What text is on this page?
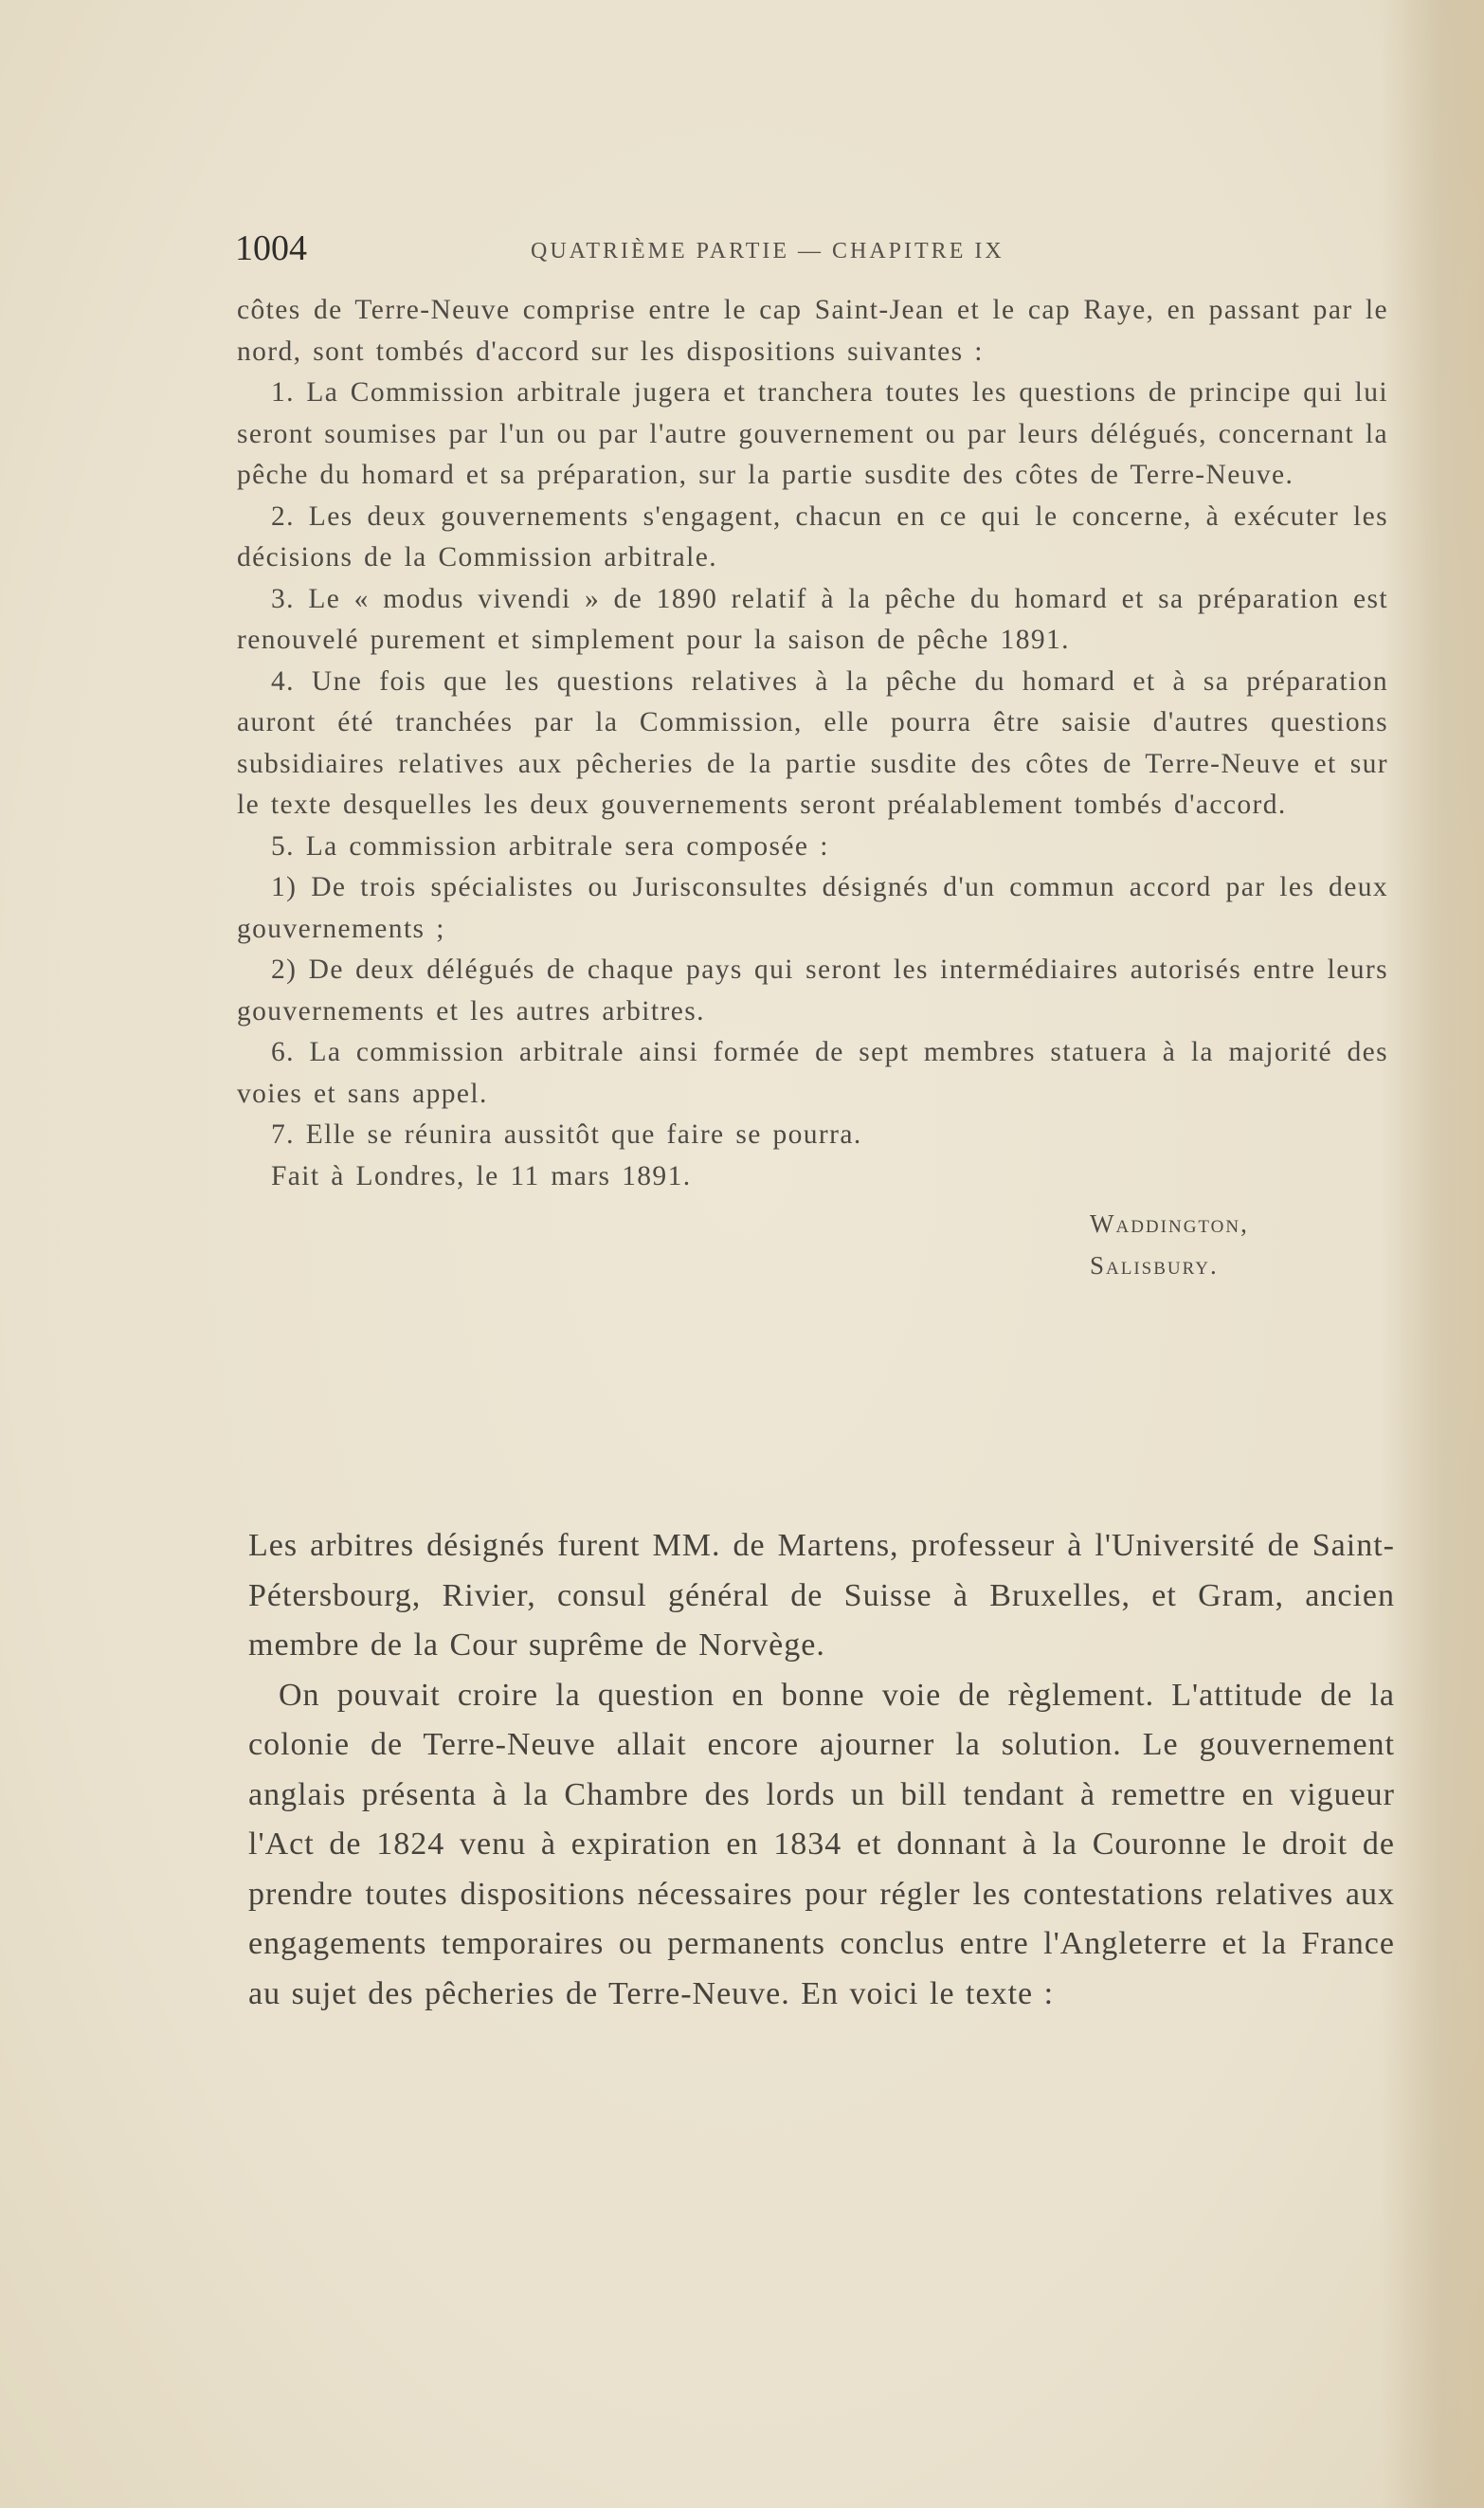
1004	QUATRIÈME PARTIE — CHAPITRE IX

côtes de Terre-Neuve comprise entre le cap Saint-Jean et le cap Raye, en passant par le nord, sont tombés d'accord sur les dispositions suivantes :

1. La Commission arbitrale jugera et tranchera toutes les questions de principe qui lui seront soumises par l'un ou par l'autre gouvernement ou par leurs délégués, concernant la pêche du homard et sa préparation, sur la partie susdite des côtes de Terre-Neuve.

2. Les deux gouvernements s'engagent, chacun en ce qui le concerne, à exécuter les décisions de la Commission arbitrale.

3. Le « modus vivendi » de 1890 relatif à la pêche du homard et sa préparation est renouvelé purement et simplement pour la saison de pêche 1891.

4. Une fois que les questions relatives à la pêche du homard et à sa préparation auront été tranchées par la Commission, elle pourra être saisie d'autres questions subsidiaires relatives aux pêcheries de la partie susdite des côtes de Terre-Neuve et sur le texte desquelles les deux gouvernements seront préalablement tombés d'accord.

5. La commission arbitrale sera composée :

1) De trois spécialistes ou Jurisconsultes désignés d'un commun accord par les deux gouvernements ;

2) De deux délégués de chaque pays qui seront les intermédiaires autorisés entre leurs gouvernements et les autres arbitres.

6. La commission arbitrale ainsi formée de sept membres statuera à la majorité des voies et sans appel.

7. Elle se réunira aussitôt que faire se pourra.

Fait à Londres, le 11 mars 1891.

Waddington,

Salisbury.

Les arbitres désignés furent MM. de Martens, professeur à l'Université de Saint-Pétersbourg, Rivier, consul général de Suisse à Bruxelles, et Gram, ancien membre de la Cour suprême de Norvège.

On pouvait croire la question en bonne voie de règlement. L'attitude de la colonie de Terre-Neuve allait encore ajourner la solution. Le gouvernement anglais présenta à la Chambre des lords un bill tendant à remettre en vigueur l'Act de 1824 venu à expiration en 1834 et donnant à la Couronne le droit de prendre toutes dispositions nécessaires pour régler les contestations relatives aux engagements temporaires ou permanents conclus entre l'Angleterre et la France au sujet des pêcheries de Terre-Neuve. En voici le texte :
